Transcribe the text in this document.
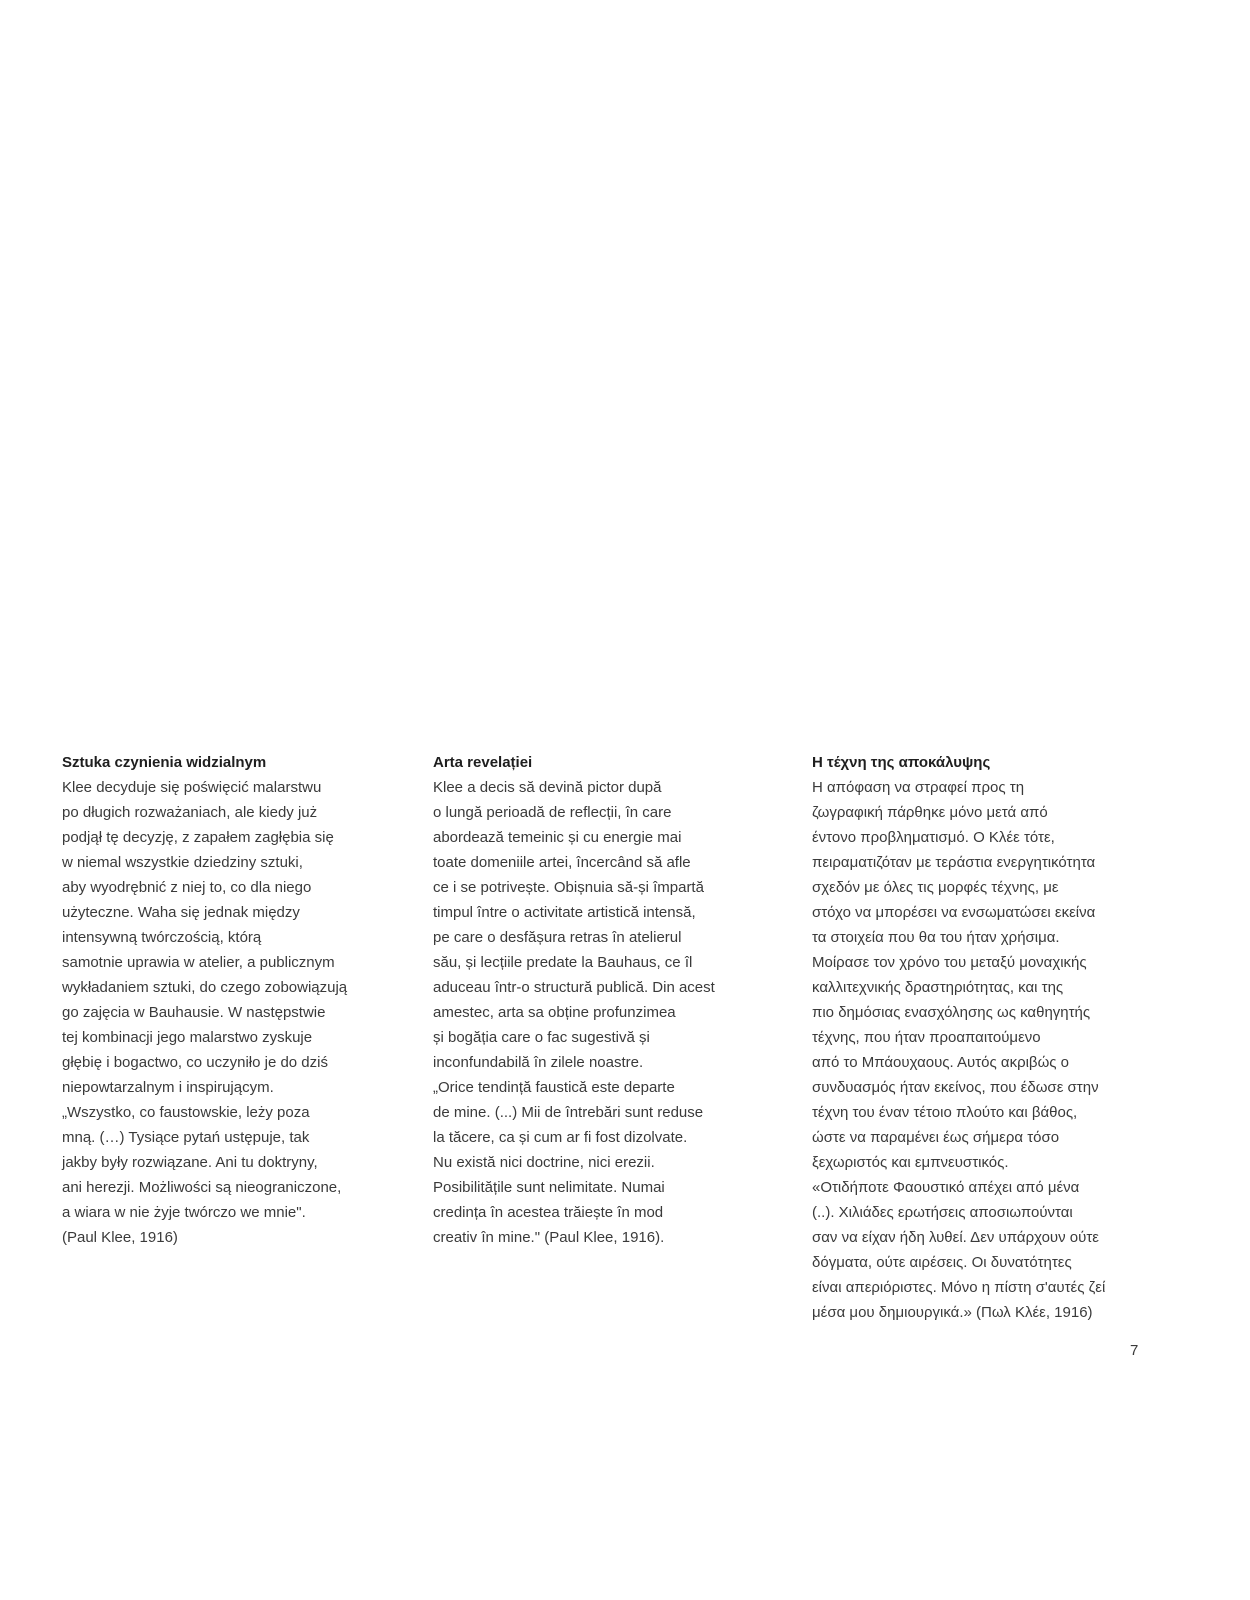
Sztuka czynienia widzialnym
Klee decyduje się poświęcić malarstwu
po długich rozważaniach, ale kiedy już
podjął tę decyzję, z zapałem zagłębia się
w niemal wszystkie dziedziny sztuki,
aby wyodrębnić z niej to, co dla niego
użyteczne. Waha się jednak między
intensywną twórczością, którą
samotnie uprawia w atelier, a publicznym
wykładaniem sztuki, do czego zobowiązują
go zajęcia w Bauhausie. W następstwie
tej kombinacji jego malarstwo zyskuje
głębię i bogactwo, co uczyniło je do dziś
niepowtarzalnym i inspirującym.
„Wszystko, co faustowskie, leży poza
mną. (…) Tysiące pytań ustępuje, tak
jakby były rozwiązane. Ani tu doktryny,
ani herezji. Możliwości są nieograniczone,
a wiara w nie żyje twórczo we mnie".
(Paul Klee, 1916)
Arta revelației
Klee a decis să devină pictor după
o lungă perioadă de reflecții, în care
abordează temeinic și cu energie mai
toate domeniile artei, încercând să afle
ce i se potrivește. Obișnuia să-și împartă
timpul între o activitate artistică intensă,
pe care o desfășura retras în atelierul
său, și lecțiile predate la Bauhaus, ce îl
aduceau într-o structură publică. Din acest
amestec, arta sa obține profunzimea
și bogăția care o fac sugestivă și
inconfundabilă în zilele noastre.
„Orice tendință faustică este departe
de mine. (...) Mii de întrebări sunt reduse
la tăcere, ca și cum ar fi fost dizolvate.
Nu există nici doctrine, nici erezii.
Posibilitățile sunt nelimitate. Numai
credința în acestea trăiește în mod
creativ în mine." (Paul Klee, 1916).
Η τέχνη της αποκάλυψης
Η απόφαση να στραφεί προς τη
ζωγραφική πάρθηκε μόνο μετά από
έντονο προβληματισμό. Ο Κλέε τότε,
πειραματιζόταν με τεράστια ενεργητικότητα
σχεδόν με όλες τις μορφές τέχνης, με
στόχο να μπορέσει να ενσωματώσει εκείνα
τα στοιχεία που θα του ήταν χρήσιμα.
Μοίρασε τον χρόνο του μεταξύ μοναχικής
καλλιτεχνικής δραστηριότητας, και της
πιο δημόσιας ενασχόλησης ως καθηγητής
τέχνης, που ήταν προαπαιτούμενο
από το Μπάουχαους. Αυτός ακριβώς ο
συνδυασμός ήταν εκείνος, που έδωσε στην
τέχνη του έναν τέτοιο πλούτο και βάθος,
ώστε να παραμένει έως σήμερα τόσο
ξεχωριστός και εμπνευστικός.
«Οτιδήποτε Φαουστικό απέχει από μένα
(..). Χιλιάδες ερωτήσεις αποσιωπούνται
σαν να είχαν ήδη λυθεί. Δεν υπάρχουν ούτε
δόγματα, ούτε αιρέσεις. Οι δυνατότητες
είναι απεριόριστες. Μόνο η πίστη σ'αυτές ζεί
μέσα μου δημιουργικά.» (Πωλ Κλέε, 1916)
7
